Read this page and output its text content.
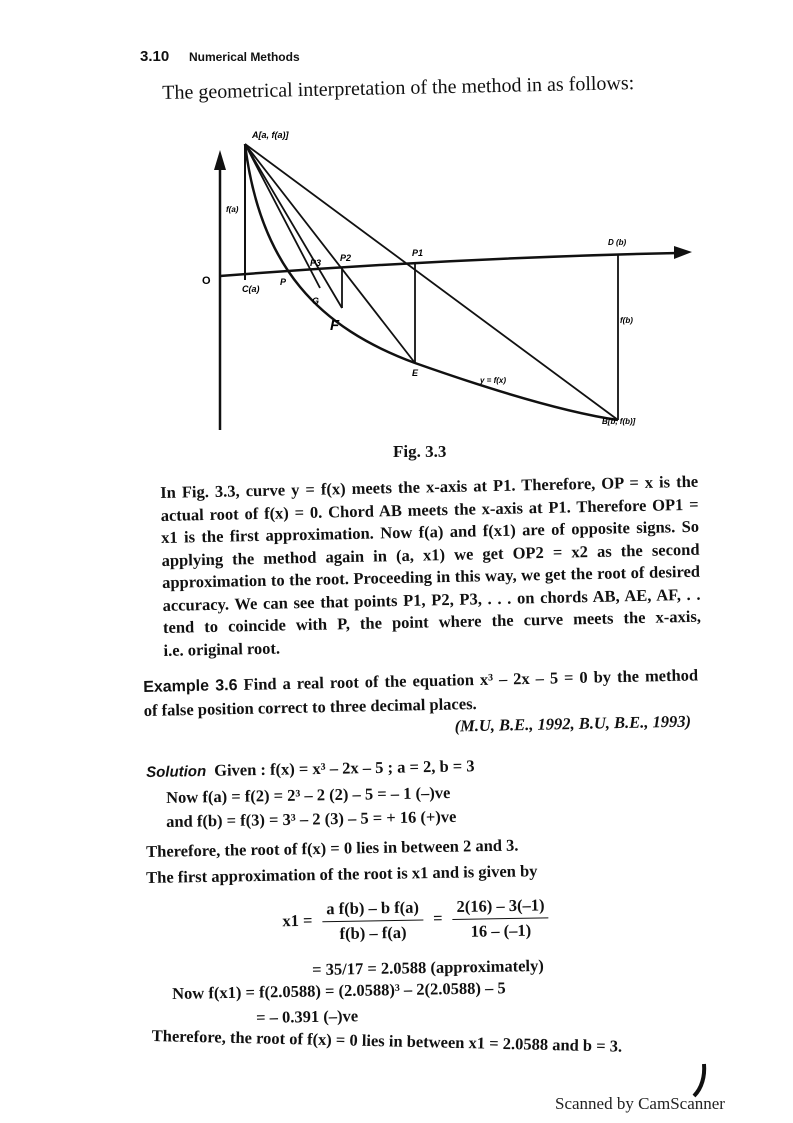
3.10 Numerical Methods
The geometrical interpretation of the method in as follows:
A[a, f(a)]
f(a)
O
C(a)
P
G
F
P3 P2	P1
E
D (b)
f(b)
y = f(x)
B[b, f(b)]
Fig. 3.3

In Fig. 3.3, curve y = f(x) meets the x-axis at P1. Therefore, OP = x is the

actual root of f(x) = 0. Chord AB meets the x-axis at P1. Therefore OP1 =

x1 is the first approximation. Now f(a) and f(x1) are of opposite signs. So

applying the method again in (a, x1) we get OP2 = x2 as the second

approximation to the root. Proceeding in this way, we get the root of desired

accuracy. We can see that points P1, P2, P3, . . . on chords AB, AE, AF, . .

tend to coincide with P, the point where the curve meets the x-axis,

i.e. original root.

Example 3.6 Find a real root of the equation x³ – 2x – 5 = 0 by the method

of false position correct to three decimal places.

(M.U, B.E., 1992, B.U, B.E., 1993)

Solution Given : f(x) = x³ – 2x – 5 ; a = 2, b = 3
Now f(a) = f(2) = 2³ – 2 (2) – 5 = – 1 (–)ve
and f(b) = f(3) = 3³ – 2 (3) – 5 = + 16 (+)ve
Therefore, the root of f(x) = 0 lies in between 2 and 3.
The first approximation of the root is x1 and is given by
$x1 = \frac{\text{a f(b) – b f(a)}}{f(b) - f(a)} = \frac{2(16) - 3(-1)}{16 - (-1)}$
= 35/17 = 2.0588 (approximately)
Now f(x1) = f(2.0588) = (2.0588)³ – 2(2.0588) – 5
= – 0.391 (–)ve
Therefore, the root of f(x) = 0 lies in between x1 = 2.0588 and b = 3.
Scanned by CamScanner
